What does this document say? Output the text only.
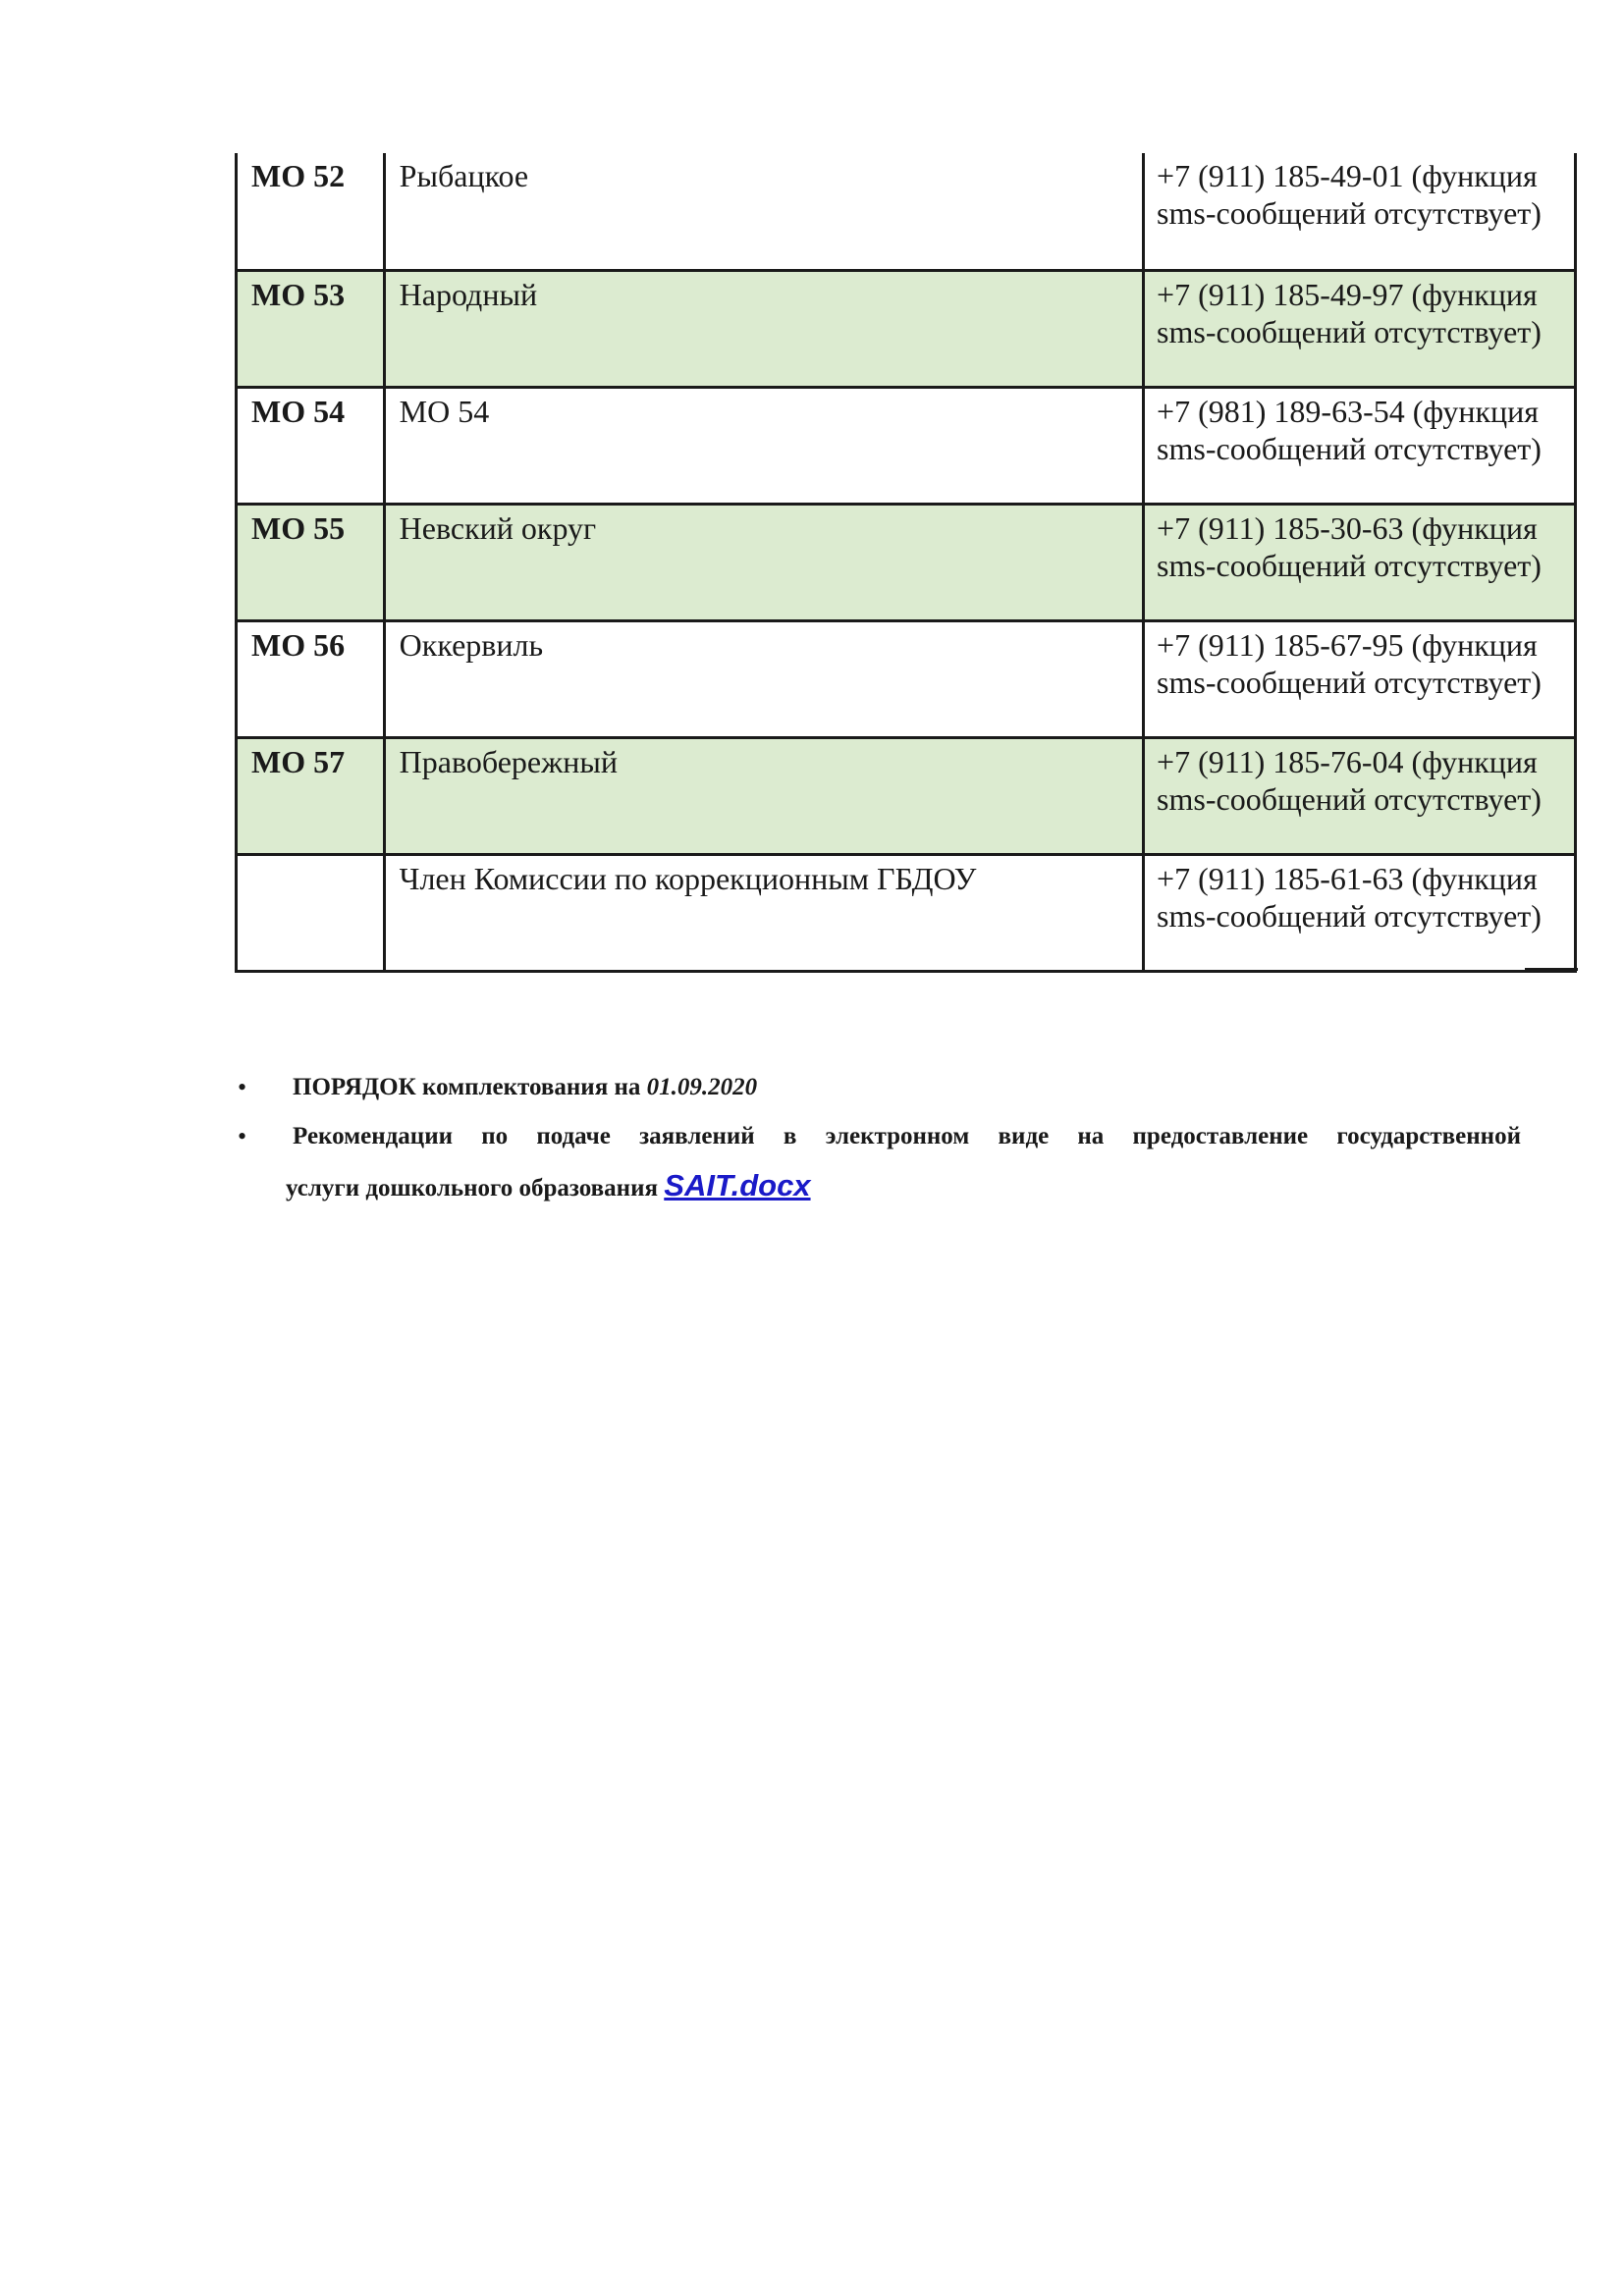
МО 52	Рыбацкое	+7 (911) 185-49-01 (функция sms-сообщений отсутствует)

МО 53	Народный	+7 (911) 185-49-97 (функция sms-сообщений отсутствует)

МО 54	МО 54	+7 (981) 189-63-54 (функция sms-сообщений отсутствует)

МО 55	Невский округ	+7 (911) 185-30-63 (функция sms-сообщений отсутствует)

МО 56	Оккервиль	+7 (911) 185-67-95 (функция sms-сообщений отсутствует)

МО 57	Правобережный	+7 (911) 185-76-04 (функция sms-сообщений отсутствует)

	Член Комиссии по коррекционным ГБДОУ	+7 (911) 185-61-63 (функция sms-сообщений отсутствует)
• ПОРЯДОК комплектования на 01.09.2020
• Рекомендации по подаче заявлений в электронном виде на предоставление государственной
услуги дошкольного образования SAIT.docx
